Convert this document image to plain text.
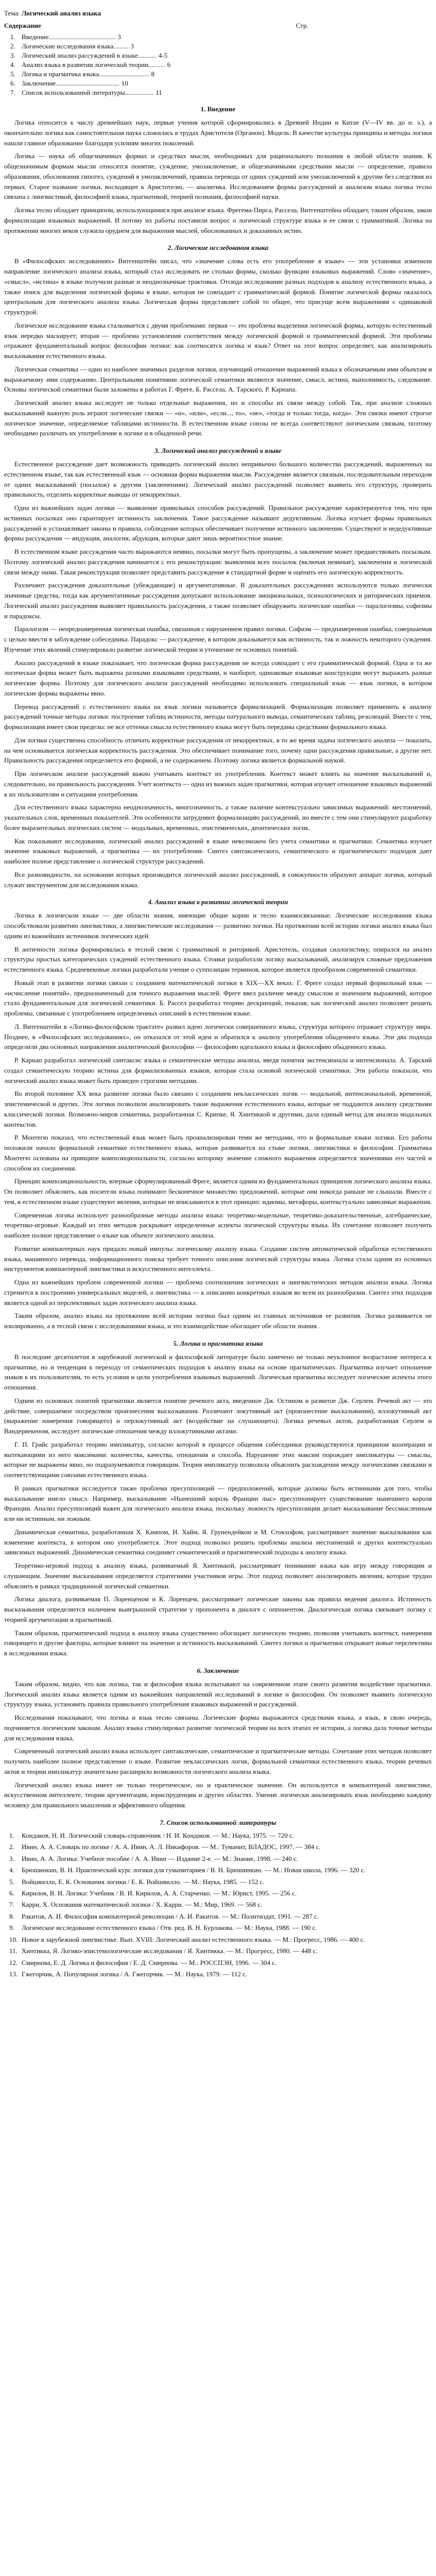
Тема: Логический анализ языка
Содержание	Стр.
1. Введение........................................ 3
2. Логические исследования языка......... 3
3. Логический анализ рассуждений в языке........... 4-5
4. Анализ языка в развитии логической теории.......... 6
5. Логика и прагматика языка.............................. 8
6. Заключение...................................... 10
7. Список использованной литературы................. 11
1. Введение

Логика относится к числу древнейших наук, первые учения которой сформировались в Древней Индии и Китае (V—IV вв. до н. э.), а окончательно логика как самостоятельная наука сложилась в трудах Аристотеля (Органон). Модель: В качестве культуры принципы и методы логики нашли главное образование благодаря усилиям многих поколений.

Логика — наука об общезначимых формах и средствах мысли, необходимых для рационального познания в любой области знания. К общезначимым формам мысли относятся понятие, суждение, умозаключение, и общезначимыми средствами мысли — определение, правила образования, обоснования гипотез, суждений в умозаключений, правила перевода от одних суждений или умозаключений к другим без следствия из первых. Старое название логики, восходящее к Аристотелю, — аналитика. Исследованием формы рассуждений и анализом языка логика тесно связана с лингвистикой, философией языка, прагматикой, теорией познания, философией науки.

Логика тесно обладает принципом, использующимися при анализе языка. Фрегема-Пирса, Рассела, Витгенштейна обладает, таким образом, закон формализации языковых выражений. И потому их работы поставили вопрос о логической структуре языка и ее связи с грамматикой. Логика на протяжении многих веков служила орудием для выражения мыслей, обоснованных и доказанных истин.

2. Логические исследования языка

В «Философских исследованиях» Витгенштейн писал, что «значение слова есть его употребление в языке» — эти установки изменили направление логического анализа языка, который стал исследовать не столько формы, сколько функции языковых выражений. Слово «значение», «смысл», «истина» в языке получили разные и неоднозначные трактовки. Отсюда исследование разных подходов к анализу естественного языка, а также поиск для выделения логической формы в языке, которая не совпадает с грамматической формой. Понятие логической формы оказалось центральным для логического анализа языка. Логическая форма представляет собой то общее, что присуще всем выражениям с одинаковой структурой.

Логическое исследование языка сталкивается с двумя проблемами: первая — это проблема выделения логической формы, которую естественный язык нередко маскирует; вторая — проблема установления соответствия между логической формой и грамматической формой. Эти проблемы отражают фундаментальный вопрос философии логики: как соотносятся логика и язык? Ответ на этот вопрос определяет, как анализировать высказывания естественного языка.

Логическая семантика — один из наиболее значимых разделов логики, изучающий отношение выражений языка к обозначаемым ими объектам и выражаемому ими содержанию. Центральными понятиями логической семантики являются значение, смысл, истина, выполнимость, следование. Основы логической семантики были заложены в работах Г. Фреге, Б. Рассела, А. Тарского, Р. Карнапа.

Логический анализ языка исследует не только отдельные выражения, но и способы их связи между собой. Так, при анализе сложных высказываний важную роль играют логические связки — «и», «или», «если..., то», «не», «тогда и только тогда, когда». Эти связки имеют строгое логическое значение, определяемое таблицами истинности. В естественном языке союзы не всегда соответствуют логическим связкам, поэтому необходимо различать их употребление в логике и в обыденной речи.

3. Логический анализ рассуждений в языке

Естественное рассуждение дает возможность приводить логический анализ непривычно большого количества рассуждений, выраженных на естественном языке, так как естественный язык — основная форма выражения мысли. Рассуждение является связным, последовательным переходом от одних высказываний (посылок) к другим (заключениям). Логический анализ рассуждений позволяет выявить его структуру, проверить правильность, отделить корректные выводы от некорректных.

Одна из важнейших задач логики — выявление правильных способов рассуждений. Правильное рассуждение характеризуется тем, что при истинных посылках оно гарантирует истинность заключения. Такое рассуждение называют дедуктивным. Логика изучает формы правильных рассуждений и устанавливает законы и правила, соблюдение которых обеспечивает получение истинного заключения. Существуют и недедуктивные формы рассуждения — индукция, аналогия, абдукция, которые дают лишь вероятностное знание.

В естественном языке рассуждения часто выражаются неявно, посылки могут быть пропущены, а заключение может предшествовать посылкам. Поэтому логический анализ рассуждения начинается с его реконструкции: выявления всех посылок (включая неявные), заключения и логической связи между ними. Такая реконструкция позволяет представить рассуждение в стандартной форме и оценить его логическую корректность.

Различают рассуждения доказательные (убеждающие) и аргументативные. В доказательных рассуждениях используются только логически значимые средства, тогда как аргументативные рассуждения допускают использование эмоциональных, психологических и риторических приемов. Логический анализ рассуждения выявляет правильность рассуждения, а также позволяет обнаружить логические ошибки — паралогизмы, софизмы и парадоксы.

Паралогизм — непреднамеренная логическая ошибка, связанная с нарушением правил логики. Софизм — преднамеренная ошибка, совершаемая с целью ввести в заблуждение собеседника. Парадокс — рассуждение, в котором доказывается как истинность, так и ложность некоторого суждения. Изучение этих явлений стимулировало развитие логической теории и уточнение ее основных понятий.

Анализ рассуждений в языке показывает, что логическая форма рассуждения не всегда совпадает с его грамматической формой. Одна и та же логическая форма может быть выражена разными языковыми средствами, и наоборот, одинаковые языковые конструкции могут выражать разные логические формы. Поэтому для логического анализа рассуждений необходимо использовать специальный язык — язык логики, в котором логические формы выражены явно.

Перевод рассуждений с естественного языка на язык логики называется формализацией. Формализация позволяет применить к анализу рассуждений точные методы логики: построение таблиц истинности, методы натурального вывода, семантических таблиц, резолюций. Вместе с тем, формализация имеет свои пределы: не все оттенки смысла естественного языка могут быть переданы средствами формального языка.

Для логики существенна способность отличать корректные рассуждения от некорректных, в то же время задача логического анализа — показать, на чем основывается логическая корректность рассуждения. Это обеспечивает понимание того, почему одни рассуждения правильные, а другие нет. Правильность рассуждения определяется его формой, а не содержанием. Поэтому логика является формальной наукой.

При логическом анализе рассуждений важно учитывать контекст их употребления. Контекст может влиять на значение высказываний и, следовательно, на правильность рассуждения. Учет контекста — одна из важных задач прагматики, которая изучает отношение языковых выражений к их пользователям и ситуациям употребления.

Для естественного языка характерна неоднозначность, многозначность, а также наличие контекстуально зависимых выражений: местоимений, указательных слов, временных показателей. Эти особенности затрудняют формализацию рассуждений, но вместе с тем они стимулируют разработку более выразительных логических систем — модальных, временных, эпистемических, деонтических логик.

Как показывают исследования, логический анализ рассуждений в языке невозможен без учета семантики и прагматики. Семантика изучает значение языковых выражений, а прагматика — их употребление. Синтез синтаксического, семантического и прагматического подходов дает наиболее полное представление о логической структуре рассуждений.

Все разновидности, на основании которых производится логический анализ рассуждений, в совокупности образуют аппарат логики, который служит инструментом для исследования языка.

4. Анализ языка в развитии логической теории

Логика в логическом языке — две области знания, имеющие общие корни и тесно взаимосвязанные. Логические исследования языка способствовали развитию лингвистики, а лингвистические исследования — развитию логики. На протяжении всей истории логики анализ языка был одним из важнейших источников логических идей.

В античности логика формировалась в тесной связи с грамматикой и риторикой. Аристотель, создавая силлогистику, опирался на анализ структуры простых категорических суждений естественного языка. Стоики разработали логику высказываний, анализируя сложные предложения естественного языка. Средневековые логики разработали учение о суппозиции терминов, которое является прообразом современной семантики.

Новый этап в развитии логики связан с созданием математической логики в XIX—XX веках. Г. Фреге создал первый формальный язык — «исчисление понятий», предназначенный для точного выражения мыслей. Фреге ввел различие между смыслом и значением выражений, которое стало фундаментальным для логической семантики. Б. Рассел разработал теорию дескрипций, показав, как логический анализ позволяет решить проблемы, связанные с употреблением определенных описаний в естественном языке.

Л. Витгенштейн в «Логико-философском трактате» развил идею логически совершенного языка, структура которого отражает структуру мира. Позднее, в «Философских исследованиях», он отказался от этой идеи и обратился к анализу употребления обыденного языка. Эти два подхода определили два основных направления аналитической философии — философию идеального языка и философию обыденного языка.

Р. Карнап разработал логический синтаксис языка и семантические методы анализа, введя понятия экстенсионала и интенсионала. А. Тарский создал семантическую теорию истины для формализованных языков, которая стала основой логической семантики. Эти работы показали, что логический анализ языка может быть проведен строгими методами.

Во второй половине XX века развитие логики было связано с созданием неклассических логик — модальной, интенсиональной, временной, эпистемической и других. Эти логики позволили анализировать такие выражения естественного языка, которые не поддаются анализу средствами классической логики. Возможно-миров семантика, разработанная С. Крипке, Я. Хинтиккой и другими, дала единый метод для анализа модальных контекстов.

Р. Монтегю показал, что естественный язык может быть проанализирован теми же методами, что и формальные языки логики. Его работы положили начало формальной семантике естественного языка, которая развивается на стыке логики, лингвистики и философии. Грамматика Монтегю основана на принципе композициональности, согласно которому значение сложного выражения определяется значениями его частей и способом их соединения.

Принцип композициональности, впервые сформулированный Фреге, является одним из фундаментальных принципов логического анализа языка. Он позволяет объяснить, как носители языка понимают бесконечное множество предложений, которые они никогда раньше не слышали. Вместе с тем, в естественном языке существуют явления, которые не вписываются в этот принцип: идиомы, метафоры, контекстуально зависимые выражения.

Современная логика использует разнообразные методы анализа языка: теоретико-модельные, теоретико-доказательственные, алгебраические, теоретико-игровые. Каждый из этих методов раскрывает определенные аспекты логической структуры языка. Их сочетание позволяет получить наиболее полное представление о языке как объекте логического анализа.

Развитие компьютерных наук придало новый импульс логическому анализу языка. Создание систем автоматической обработки естественного языка, машинного перевода, информационного поиска требует точного описания логической структуры языка. Логика стала одним из основных инструментов компьютерной лингвистики и искусственного интеллекта.

Одна из важнейших проблем современной логики — проблема соотношения логических и лингвистических методов анализа языка. Логика стремится к построению универсальных моделей, а лингвистика — к описанию конкретных языков во всем их разнообразии. Синтез этих подходов является одной из перспективных задач логического анализа языка.

Таким образом, анализ языка на протяжении всей истории логики был одним из главных источников ее развития. Логика развивается не изолированно, а в тесной связи с исследованиями языка, и это взаимодействие обогащает обе области знания.

5. Логика и прагматика языка

В последние десятилетия в зарубежной логической и философской литературе было замечено не только неуклонное возрастание интереса к прагматике, но и тенденция к переходу от семантических подходов к анализу языка на основе прагматических. Прагматика изучает отношение знаков к их пользователям, то есть условия и цели употребления языковых выражений. Логическая прагматика исследует логические аспекты этого отношения.

Одним из основных понятий прагматики является понятие речевого акта, введенное Дж. Остином и развитое Дж. Серлем. Речевой акт — это действие, совершаемое посредством произнесения высказывания. Различают локутивный акт (произнесение высказывания), иллокутивный акт (выражение намерения говорящего) и перлокутивный акт (воздействие на слушающего). Логика речевых актов, разработанная Серлем и Вандервекеном, исследует логические отношения между иллокутивными актами.

Г. П. Грайс разработал теорию импликатур, согласно которой в процессе общения собеседники руководствуются принципом кооперации и вытекающими из него максимами: количества, качества, отношения и способа. Нарушение этих максим порождает импликатуры — смыслы, которые не выражены явно, но подразумеваются говорящим. Теория импликатур позволила объяснить расхождения между логическими связками и соответствующими союзами естественного языка.

В рамках прагматики исследуется также проблема пресуппозиций — предположений, которые должны быть истинными для того, чтобы высказывание имело смысл. Например, высказывание «Нынешний король Франции лыс» пресуппонирует существование нынешнего короля Франции. Анализ пресуппозиций важен для логического анализа языка, поскольку ложность пресуппозиции делает высказывание бессмысленным или ни истинным, ни ложным.

Динамическая семантика, разработанная Х. Кампом, И. Хайм, Я. Грунендейком и М. Стокхофом, рассматривает значение высказывания как изменение контекста, в котором оно употребляется. Этот подход позволил решить проблемы анализа местоимений и других контекстуально зависимых выражений. Динамическая семантика соединяет семантический и прагматический подходы к анализу языка.

Теоретико-игровой подход к анализу языка, развиваемый Я. Хинтиккой, рассматривает понимание языка как игру между говорящим и слушающим. Значение высказывания определяется стратегиями участников игры. Этот подход позволяет анализировать явления, которые трудно объяснить в рамках традиционной логической семантики.

Логика диалога, развиваемая П. Лоренценом и К. Лоренцем, рассматривает логические законы как правила ведения диалога. Истинность высказывания определяется наличием выигрышной стратегии у пропонента в диалоге с оппонентом. Диалогическая логика связывает логику с теорией аргументации и прагматикой.

Таким образом, прагматический подход к анализу языка существенно обогащает логическую теорию, позволяя учитывать контекст, намерения говорящего и другие факторы, которые влияют на значение и истинность высказываний. Синтез логики и прагматики открывает новые перспективы в исследовании языка.

6. Заключение

Таким образом, видно, что как логика, так и философия языка испытывают на современном этапе своего развития воздействие прагматики. Логический анализ языка является одним из важнейших направлений исследований в логике и философии. Он позволяет выявить логическую структуру языка, установить правила правильного употребления языковых выражений и рассуждений.

Исследования показывают, что логика и язык тесно связаны. Логические формы выражаются средствами языка, а язык, в свою очередь, подчиняется логическим законам. Анализ языка стимулировал развитие логической теории на всех этапах ее истории, а логика дала точные методы для исследования языка.

Современный логический анализ языка использует синтаксические, семантические и прагматические методы. Сочетание этих методов позволяет получить наиболее полное представление о языке. Развитие неклассических логик, формальной семантики естественного языка, теории речевых актов и теории импликатур значительно расширило возможности логического анализа языка.

Логический анализ языка имеет не только теоретическое, но и практическое значение. Он используется в компьютерной лингвистике, искусственном интеллекте, теории аргументации, юриспруденции и других областях. Умение логически анализировать язык необходимо каждому человеку для правильного мышления и эффективного общения.

7. Список использованной литературы
1.	Кондаков, Н. И. Логический словарь-справочник / Н. И. Кондаков. — М.: Наука, 1975. — 720 с.
2.	Ивин, А. А. Словарь по логике / А. А. Ивин, А. Л. Никифоров. — М.: Туманит, ВЛАДОС, 1997. — 384 с.
3.	Ивин, А. А. Логика: Учебное пособие / А. А. Ивин — Издание 2-е. — М.: Знание, 1998. — 240 с.
4.	Брюшинкин, В. Н. Практический курс логики для гуманитариев / В. Н. Брюшинкин. — М.: Новая школа, 1996. — 320 с.
5.	Войшвилло, Е. К. Основания логики / Е. К. Войшвилло. — М.: Наука, 1985. — 152 с.
6.	Кирилов, В. И. Логика: Учебник / В. И. Кирилов, А. А. Старченко. — М.: Юрист, 1995. — 256 с.
7.	Карри, Х. Основания математической логики / Х. Карри. — М.: Мир, 1969. — 568 с.
8.	Ракитов, А. И. Философия компьютерной революции / А. И. Ракитов. — М.: Политиздат, 1991. — 287 с.
9.	Логическое исследование естественного языка / Отв. ред. В. Н. Бурлакова. — М.: Наука, 1988. — 190 с.
10. Новое в зарубежной лингвистике. Вып. XVIII: Логический анализ естественного языка. — М.: Прогресс, 1986. — 400 с.
11. Хинтикка, Я. Логико-эпистемологические исследования / Я. Хинтикка. — М.: Прогресс, 1980. — 448 с.
12. Смирнова, Е. Д. Логика и философия / Е. Д. Смирнова. — М.: РОССПЭН, 1996. — 304 с.
13. Гжегорчик, А. Популярная логика / А. Гжегорчик. — М.: Наука, 1979. — 112 с.
